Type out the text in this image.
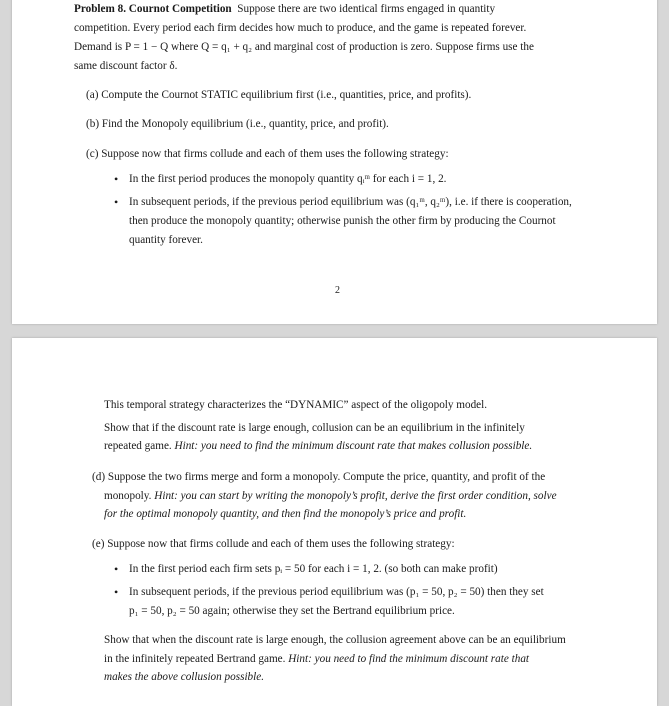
Problem 8. Cournot Competition Suppose there are two identical firms engaged in quantity
competition. Every period each firm decides how much to produce, and the game is repeated forever.
Demand is P = 1 − Q where Q = q₁ + q₂ and marginal cost of production is zero. Suppose firms use the
same discount factor δ.
(a) Compute the Cournot STATIC equilibrium first (i.e., quantities, price, and profits).
(b) Find the Monopoly equilibrium (i.e., quantity, price, and profit).
(c) Suppose now that firms collude and each of them uses the following strategy:
• In the first period produces the monopoly quantity qᵢᵐ for each i = 1, 2.
• In subsequent periods, if the previous period equilibrium was (q₁ᵐ, q₂ᵐ), i.e. if there is cooperation,
then produce the monopoly quantity; otherwise punish the other firm by producing the Cournot
quantity forever.
2
This temporal strategy characterizes the “DYNAMIC” aspect of the oligopoly model.
Show that if the discount rate is large enough, collusion can be an equilibrium in the infinitely
repeated game. Hint: you need to find the minimum discount rate that makes collusion possible.
(d) Suppose the two firms merge and form a monopoly. Compute the price, quantity, and profit of the
monopoly. Hint: you can start by writing the monopoly’s profit, derive the first order condition, solve
for the optimal monopoly quantity, and then find the monopoly’s price and profit.
(e) Suppose now that firms collude and each of them uses the following strategy:
• In the first period each firm sets pᵢ = 50 for each i = 1, 2. (so both can make profit)
• In subsequent periods, if the previous period equilibrium was (p₁ = 50, p₂ = 50) then they set
p₁ = 50, p₂ = 50 again; otherwise they set the Bertrand equilibrium price.
Show that when the discount rate is large enough, the collusion agreement above can be an equilibrium
in the infinitely repeated Bertrand game. Hint: you need to find the minimum discount rate that
makes the above collusion possible.
